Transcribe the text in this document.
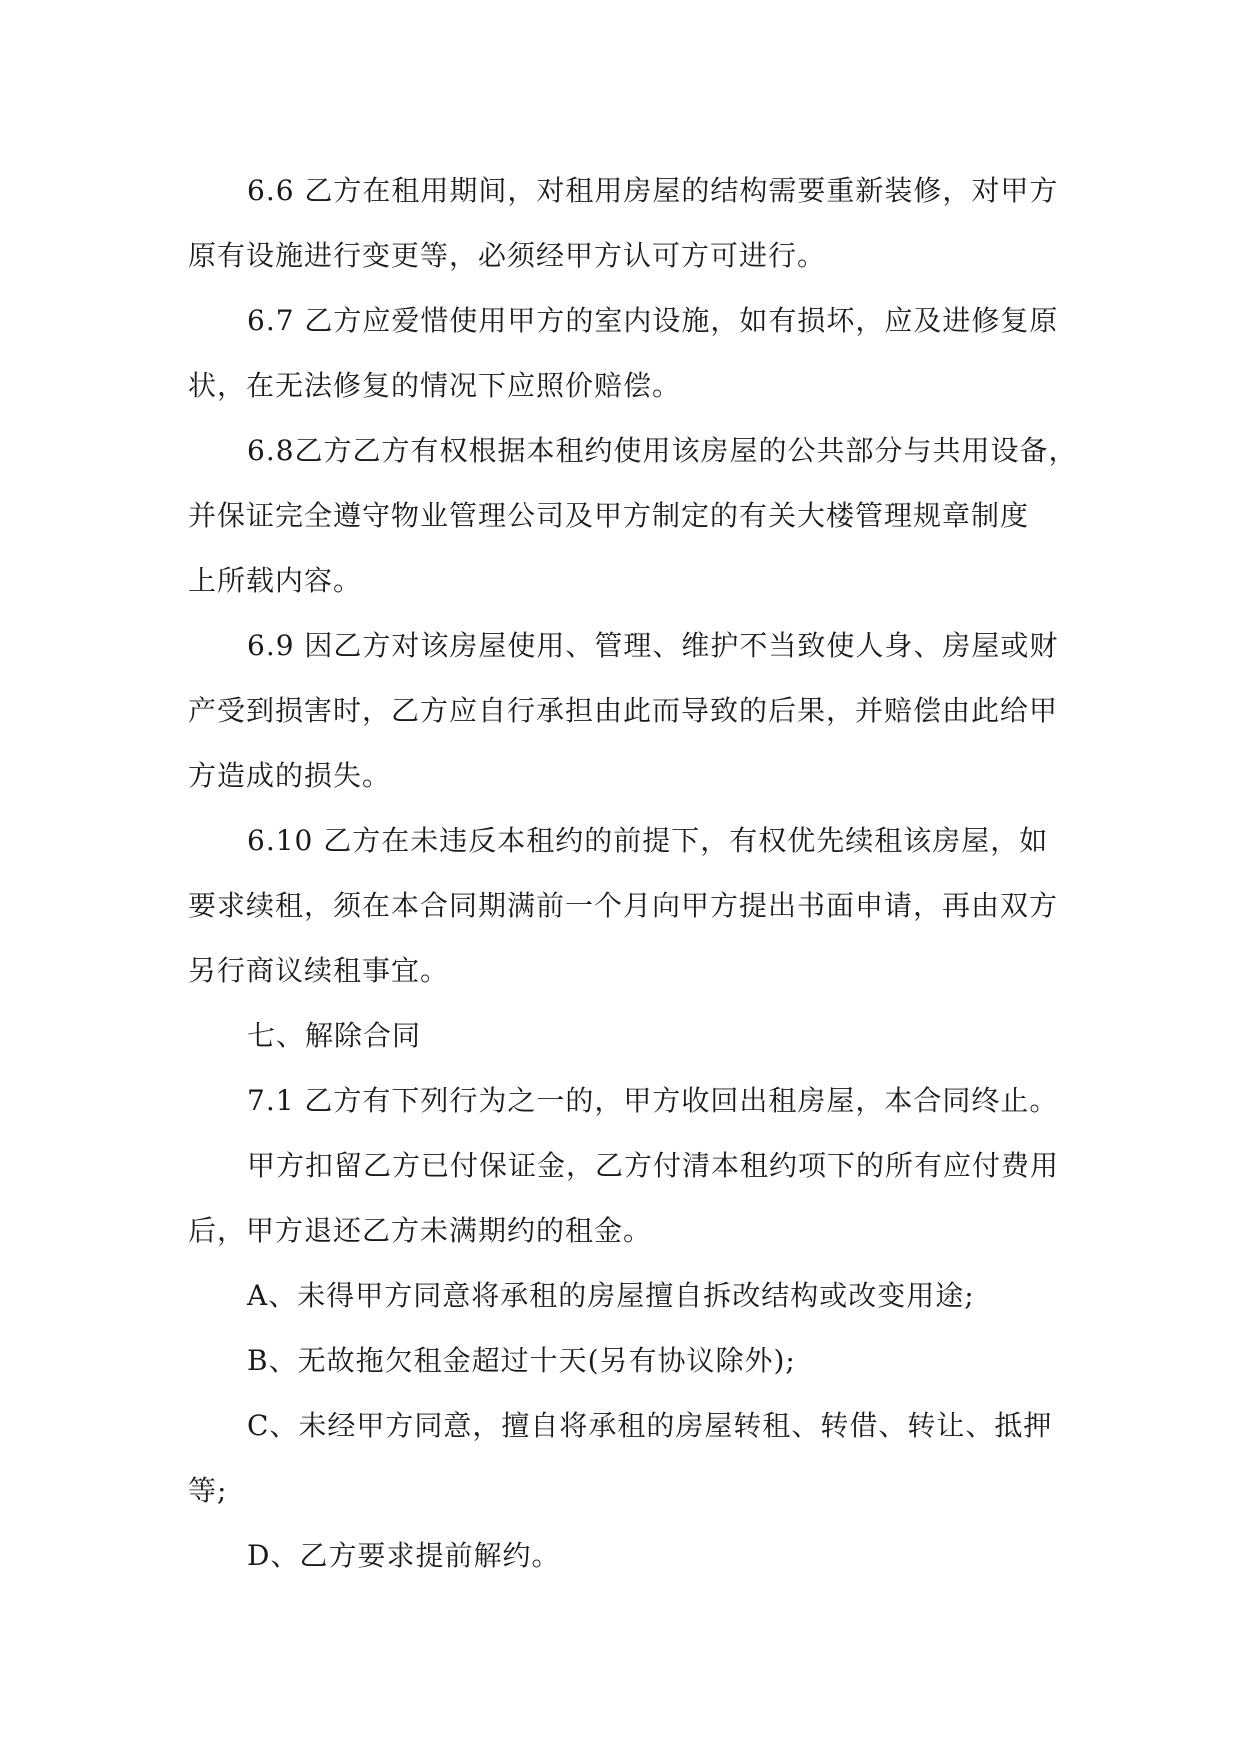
6.6 乙方在租用期间，对租用房屋的结构需要重新装修，对甲方
原有设施进行变更等，必须经甲方认可方可进行。
6.7 乙方应爱惜使用甲方的室内设施，如有损坏，应及进修复原
状，在无法修复的情况下应照价赔偿。
6.8乙方乙方有权根据本租约使用该房屋的公共部分与共用设备，
并保证完全遵守物业管理公司及甲方制定的有关大楼管理规章制度
上所载内容。
6.9 因乙方对该房屋使用、管理、维护不当致使人身、房屋或财
产受到损害时，乙方应自行承担由此而导致的后果，并赔偿由此给甲
方造成的损失。
6.10 乙方在未违反本租约的前提下，有权优先续租该房屋，如
要求续租，须在本合同期满前一个月向甲方提出书面申请，再由双方
另行商议续租事宜。
七、解除合同
7.1 乙方有下列行为之一的，甲方收回出租房屋，本合同终止。
甲方扣留乙方已付保证金，乙方付清本租约项下的所有应付费用
后，甲方退还乙方未满期约的租金。
A、未得甲方同意将承租的房屋擅自拆改结构或改变用途;
B、无故拖欠租金超过十天(另有协议除外);
C、未经甲方同意，擅自将承租的房屋转租、转借、转让、抵押
等;
D、乙方要求提前解约。
